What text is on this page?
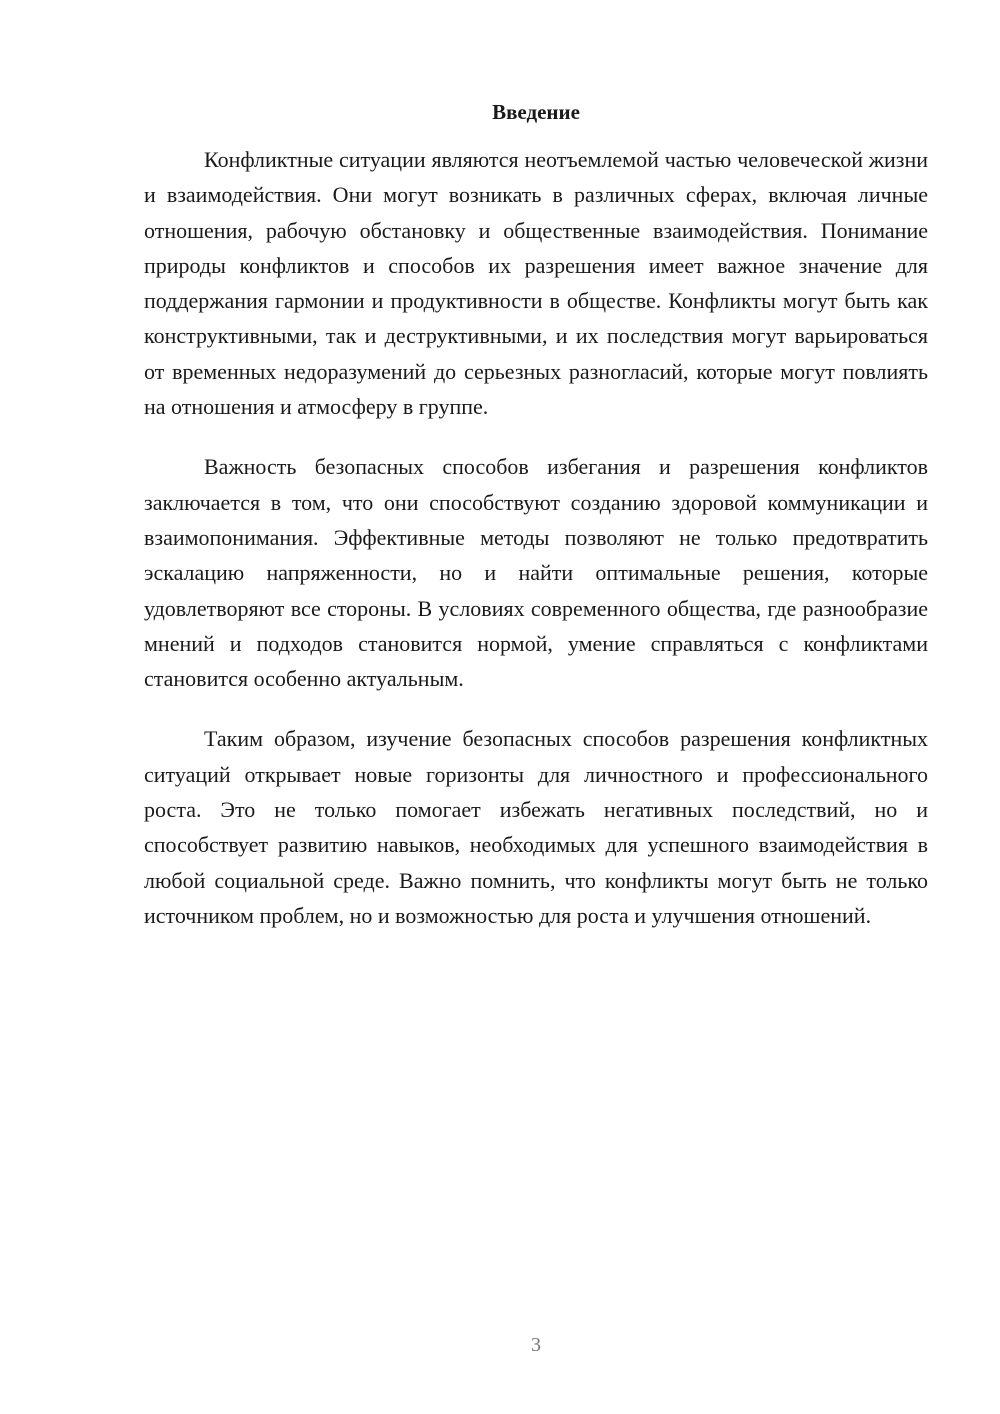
Введение

Конфликтные ситуации являются неотъемлемой частью человеческой жизни и взаимодействия. Они могут возникать в различных сферах, включая личные отношения, рабочую обстановку и общественные взаимодействия. Понимание природы конфликтов и способов их разрешения имеет важное значение для поддержания гармонии и продуктивности в обществе. Конфликты могут быть как конструктивными, так и деструктивными, и их последствия могут варьироваться от временных недоразумений до серьезных разногласий, которые могут повлиять на отношения и атмосферу в группе.

Важность безопасных способов избегания и разрешения конфликтов заключается в том, что они способствуют созданию здоровой коммуникации и взаимопонимания. Эффективные методы позволяют не только предотвратить эскалацию напряженности, но и найти оптимальные решения, которые удовлетворяют все стороны. В условиях современного общества, где разнообразие мнений и подходов становится нормой, умение справляться с конфликтами становится особенно актуальным.

Таким образом, изучение безопасных способов разрешения конфликтных ситуаций открывает новые горизонты для личностного и профессионального роста. Это не только помогает избежать негативных последствий, но и способствует развитию навыков, необходимых для успешного взаимодействия в любой социальной среде. Важно помнить, что конфликты могут быть не только источником проблем, но и возможностью для роста и улучшения отношений.

3
